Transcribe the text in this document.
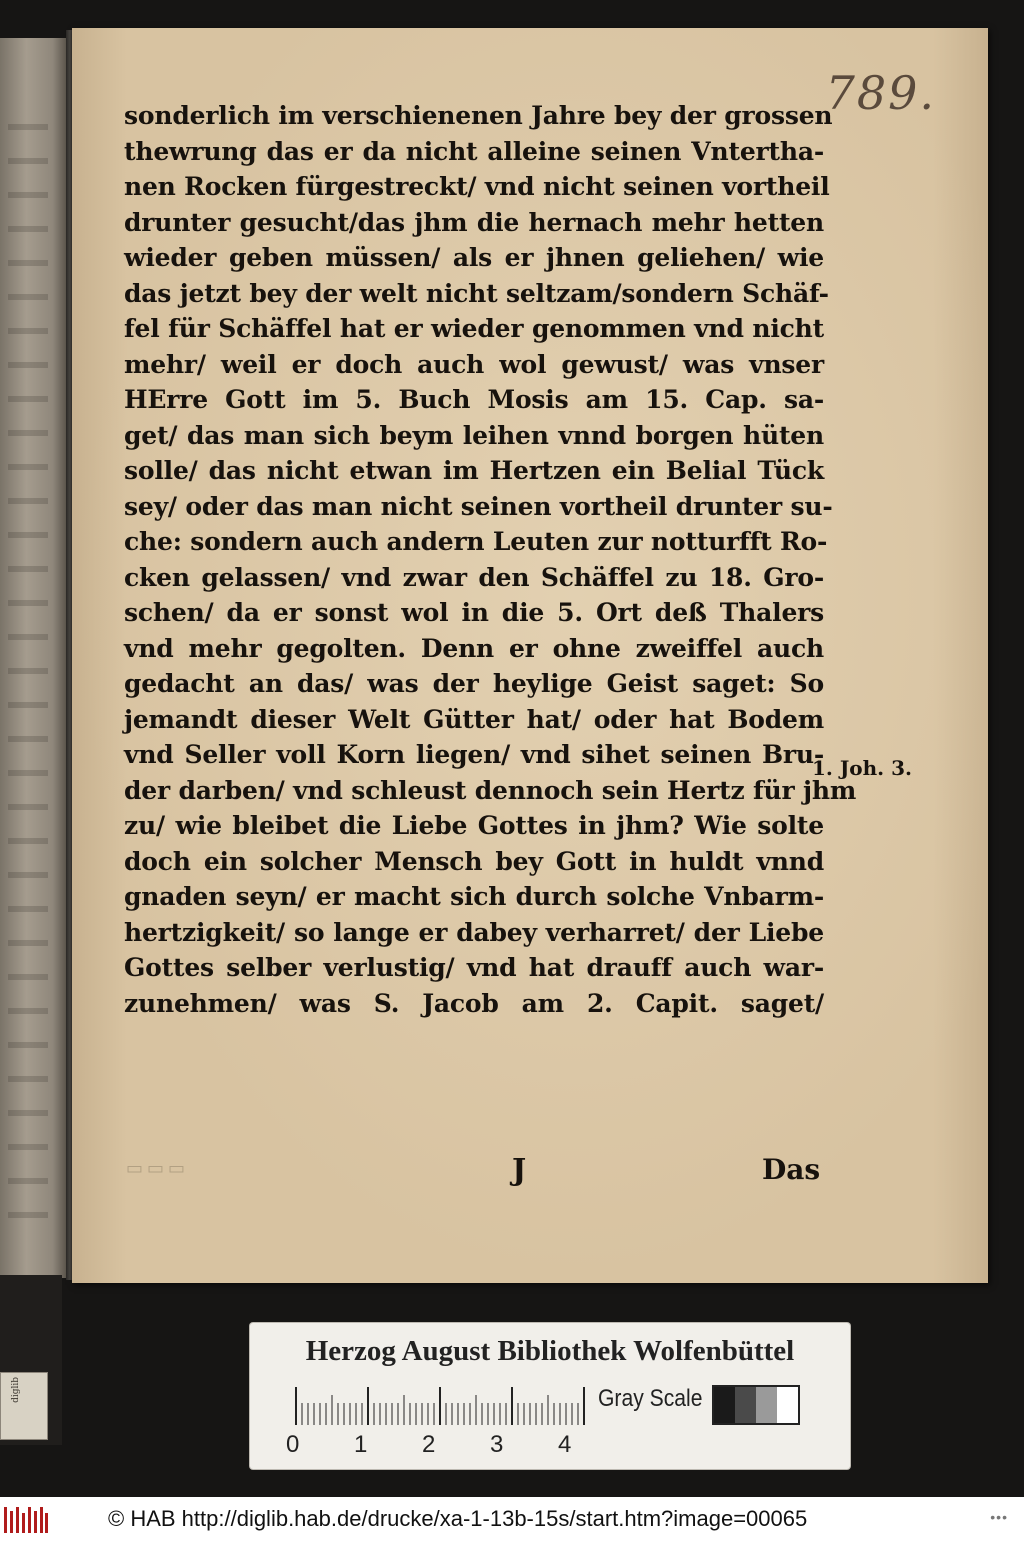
diglib
789.
sonderlich im verschienenen Jahre bey der grossen
thewrung das er da nicht alleine seinen Vntertha-
nen Rocken fürgestreckt/ vnd nicht seinen vortheil
drunter gesucht/das jhm die hernach mehr hetten
wieder geben müssen/ als er jhnen geliehen/ wie
das jetzt bey der welt nicht seltzam/sondern Schäf-
fel für Schäffel hat er wieder genommen vnd nicht
mehr/ weil er doch auch wol gewust/ was vnser
HErre Gott im 5. Buch Mosis am 15. Cap. sa-
get/ das man sich beym leihen vnnd borgen hüten
solle/ das nicht etwan im Hertzen ein Belial Tück
sey/ oder das man nicht seinen vortheil drunter su-
che: sondern auch andern Leuten zur notturfft Ro-
cken gelassen/ vnd zwar den Schäffel zu 18. Gro-
schen/ da er sonst wol in die 5. Ort deß Thalers
vnd mehr gegolten. Denn er ohne zweiffel auch
gedacht an das/ was der heylige Geist saget: So
jemandt dieser Welt Gütter hat/ oder hat Bodem
vnd Seller voll Korn liegen/ vnd sihet seinen Bru-
der darben/ vnd schleust dennoch sein Hertz für jhm
zu/ wie bleibet die Liebe Gottes in jhm? Wie solte
doch ein solcher Mensch bey Gott in huldt vnnd
gnaden seyn/ er macht sich durch solche Vnbarm-
hertzigkeit/ so lange er dabey verharret/ der Liebe
Gottes selber verlustig/ vnd hat drauff auch war-
zunehmen/ was S. Jacob am 2. Capit. saget/
1. Joh. 3.
▭▭▭	J	Das
Herzog August Bibliothek Wolfenbüttel
0 1 2 3 4
Gray Scale
© HAB http://diglib.hab.de/drucke/xa-1-13b-15s/start.htm?image=00065	•••
